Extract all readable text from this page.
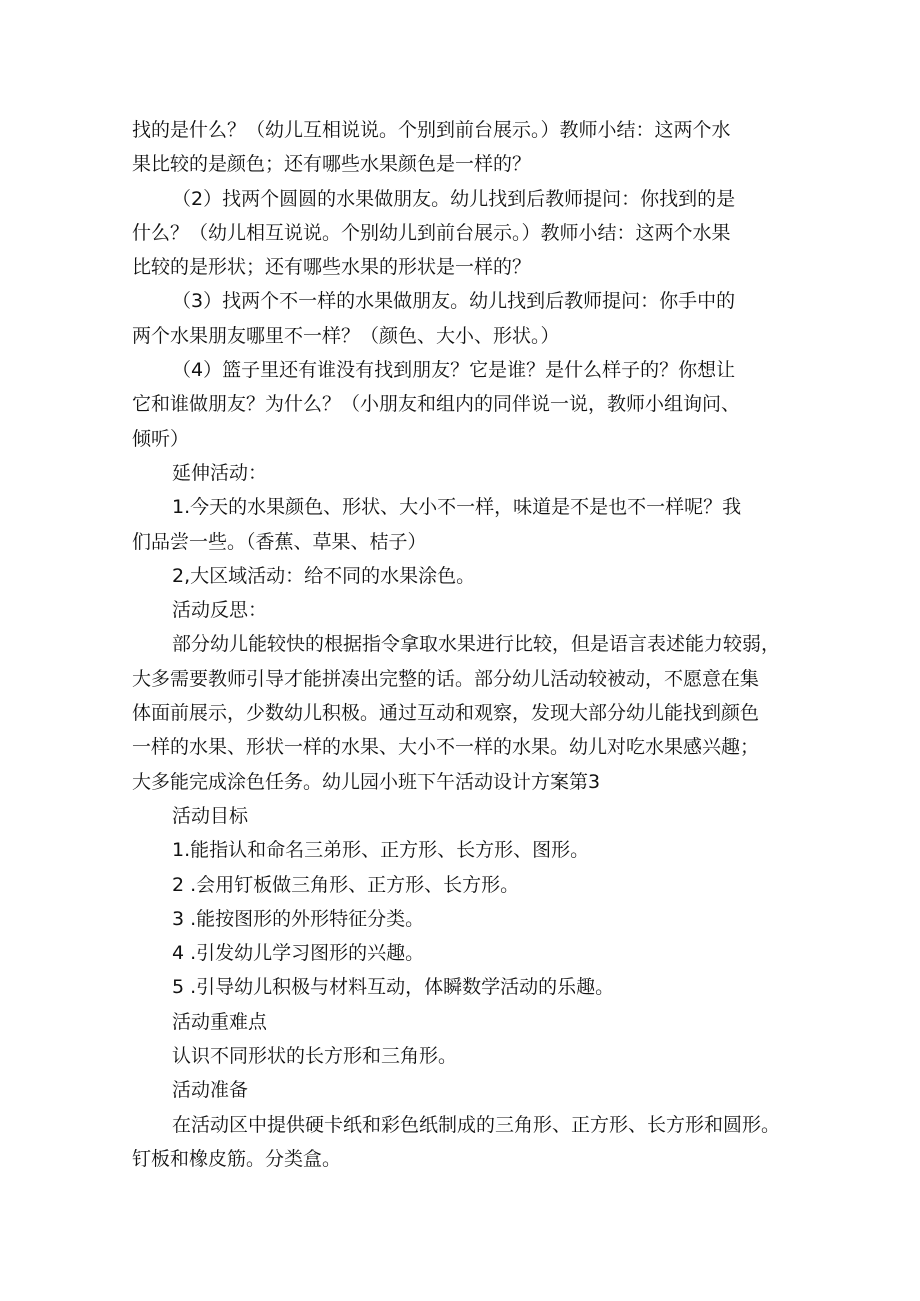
找的是什么？（幼儿互相说说。个别到前台展示。）教师小结：这两个水
果比较的是颜色；还有哪些水果颜色是一样的？
（2）找两个圆圆的水果做朋友。幼儿找到后教师提问：你找到的是
什么？（幼儿相互说说。个别幼儿到前台展示。）教师小结：这两个水果
比较的是形状；还有哪些水果的形状是一样的？
（3）找两个不一样的水果做朋友。幼儿找到后教师提问：你手中的
两个水果朋友哪里不一样？（颜色、大小、形状。）
（4）篮子里还有谁没有找到朋友？它是谁？是什么样子的？你想让
它和谁做朋友？为什么？（小朋友和组内的同伴说一说，教师小组询问、
倾听）
延伸活动：
1.今天的水果颜色、形状、大小不一样，味道是不是也不一样呢？我
们品尝一些。（香蕉、草果、桔子）
2,大区域活动：给不同的水果涂色。
活动反思：
部分幼儿能较快的根据指令拿取水果进行比较，但是语言表述能力较弱，
大多需要教师引导才能拼凑出完整的话。部分幼儿活动较被动，不愿意在集
体面前展示，少数幼儿积极。通过互动和观察，发现大部分幼儿能找到颜色
一样的水果、形状一样的水果、大小不一样的水果。幼儿对吃水果感兴趣；
大多能完成涂色任务。幼儿园小班下午活动设计方案第3
活动目标
1.能指认和命名三弟形、正方形、长方形、图形。
2 .会用钉板做三角形、正方形、长方形。
3 .能按图形的外形特征分类。
4 .引发幼儿学习图形的兴趣。
5 .引导幼儿积极与材料互动，体瞬数学活动的乐趣。
活动重难点
认识不同形状的长方形和三角形。
活动准备
在活动区中提供硬卡纸和彩色纸制成的三角形、正方形、长方形和圆形。
钉板和橡皮筋。分类盒。
